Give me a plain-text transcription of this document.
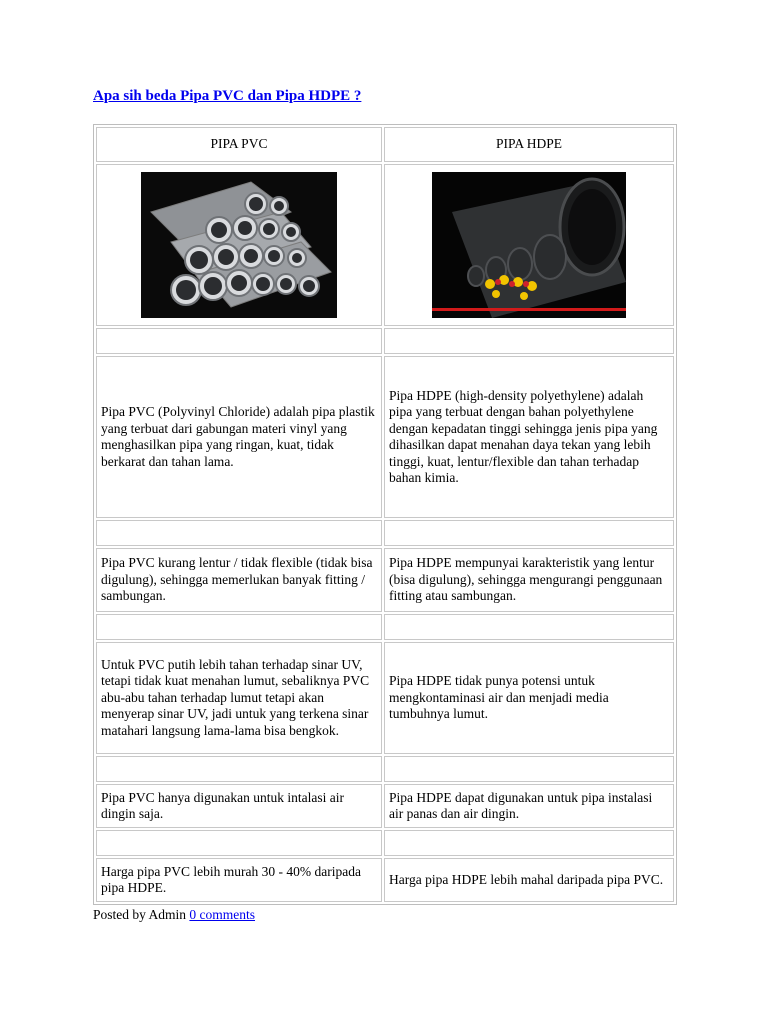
Apa sih beda Pipa PVC dan Pipa HDPE ?
PIPA PVC	PIPA HDPE

Pipa PVC (Polyvinyl Chloride) adalah pipa plastik yang terbuat dari gabungan materi vinyl yang menghasilkan pipa yang ringan, kuat, tidak berkarat dan tahan lama.	Pipa HDPE (high-density polyethylene) adalah pipa yang terbuat dengan bahan polyethylene dengan kepadatan tinggi sehingga jenis pipa yang dihasilkan dapat menahan daya tekan yang lebih tinggi, kuat, lentur/flexible dan tahan terhadap bahan kimia.

Pipa PVC kurang lentur / tidak flexible (tidak bisa digulung), sehingga memerlukan banyak fitting / sambungan.	Pipa HDPE mempunyai karakteristik yang lentur (bisa digulung), sehingga mengurangi penggunaan fitting atau sambungan.

Untuk PVC putih lebih tahan terhadap sinar UV, tetapi tidak kuat menahan lumut, sebaliknya PVC abu-abu tahan terhadap lumut tetapi akan menyerap sinar UV, jadi untuk yang terkena sinar matahari langsung lama-lama bisa bengkok.	Pipa HDPE tidak punya potensi untuk mengkontaminasi air dan menjadi media tumbuhnya lumut.

Pipa PVC hanya digunakan untuk intalasi air dingin saja.	Pipa HDPE dapat digunakan untuk pipa instalasi air panas dan air dingin.

Harga pipa PVC lebih murah 30 - 40% daripada pipa HDPE.	Harga pipa HDPE lebih mahal daripada pipa PVC.
Posted by Admin 0 comments
